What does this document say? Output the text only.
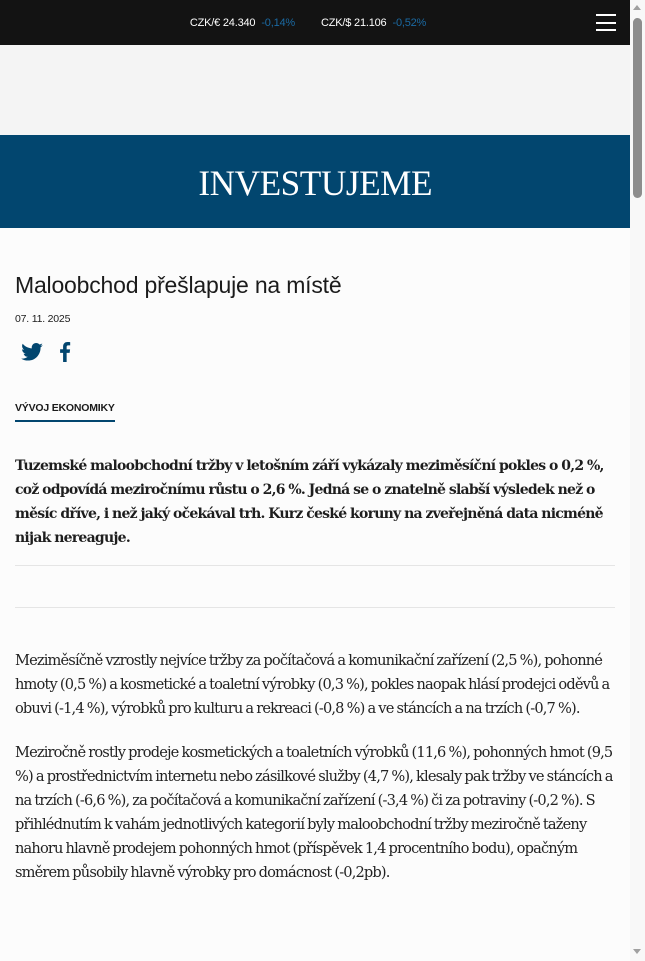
CZK/€ 24.340 -0,14% CZK/$ 21.106 -0,52%
INVESTUJEME
Maloobchod přešlapuje na místě
07. 11. 2025
VÝVOJ EKONOMIKY

Tuzemské maloobchodní tržby v letošním září vykázaly meziměsíční pokles o 0,2 %, což odpovídá meziročnímu růstu o 2,6 %. Jedná se o znatelně slabší výsledek než o měsíc dříve, i než jaký očekával trh. Kurz české koruny na zveřejněná data nicméně nijak nereaguje.

Meziměsíčně vzrostly nejvíce tržby za počítačová a komunikační zařízení (2,5 %), pohonné hmoty (0,5 %) a kosmetické a toaletní výrobky (0,3 %), pokles naopak hlásí prodejci oděvů a obuvi (-1,4 %), výrobků pro kulturu a rekreaci (-0,8 %) a ve stáncích a na trzích (-0,7 %).

Meziročně rostly prodeje kosmetických a toaletních výrobků (11,6 %), pohonných hmot (9,5 %) a prostřednictvím internetu nebo zásilkové služby (4,7 %), klesaly pak tržby ve stáncích a na trzích (-6,6 %), za počítačová a komunikační zařízení (-3,4 %) či za potraviny (-0,2 %). S přihlédnutím k vahám jednotlivých kategorií byly maloobchodní tržby meziročně taženy nahoru hlavně prodejem pohonných hmot (příspěvek 1,4 procentního bodu), opačným směrem působily hlavně výrobky pro domácnost (-0,2pb).
